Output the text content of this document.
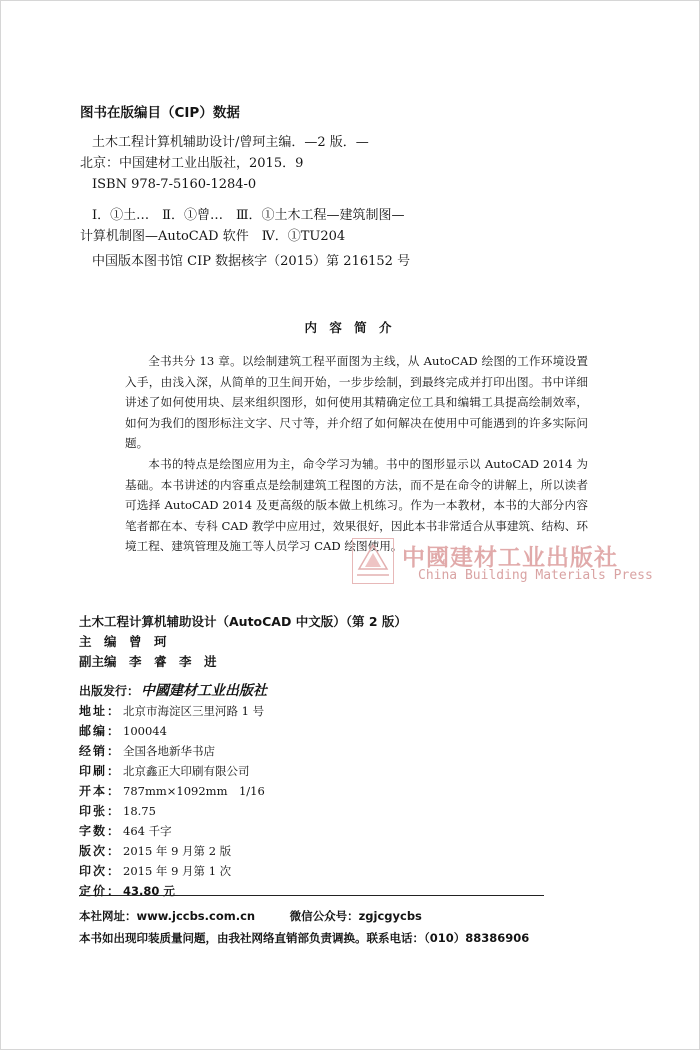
图书在版编目（CIP）数据
土木工程计算机辅助设计/曾珂主编．—2 版．—
北京：中国建材工业出版社，2015．9
ISBN 978-7-5160-1284-0
Ⅰ．①土…　Ⅱ．①曾…　Ⅲ．①土木工程—建筑制图—
计算机制图—AutoCAD 软件　Ⅳ．①TU204
中国版本图书馆 CIP 数据核字（2015）第 216152 号
内 容 简 介

全书共分 13 章。以绘制建筑工程平面图为主线，从 AutoCAD 绘图的工作环境设置入手，由浅入深，从简单的卫生间开始，一步步绘制，到最终完成并打印出图。书中详细讲述了如何使用块、层来组织图形，如何使用其精确定位工具和编辑工具提高绘制效率，如何为我们的图形标注文字、尺寸等，并介绍了如何解决在使用中可能遇到的许多实际问题。

本书的特点是绘图应用为主，命令学习为辅。书中的图形显示以 AutoCAD 2014 为基础。本书讲述的内容重点是绘制建筑工程图的方法，而不是在命令的讲解上，所以读者可选择 AutoCAD 2014 及更高级的版本做上机练习。作为一本教材，本书的大部分内容笔者都在本、专科 CAD 教学中应用过，效果很好，因此本书非常适合从事建筑、结构、环境工程、建筑管理及施工等人员学习 CAD 绘图使用。 中國建材工业出版社
China Building Materials Press
土木工程计算机辅助设计（AutoCAD 中文版）（第 2 版）
主　编　曾　珂
副主编　李　睿　李　进
出版发行： 中國建材工业出版社
地址： 北京市海淀区三里河路 1 号
邮编： 100044
经销： 全国各地新华书店
印刷： 北京鑫正大印刷有限公司
开本： 787mm×1092mm　1/16
印张： 18.75
字数： 464 千字
版次： 2015 年 9 月第 2 版
印次： 2015 年 9 月第 1 次
定价： 43.80 元
本社网址：www.jccbs.com.cn　　　微信公众号：zgjcgycbs
本书如出现印装质量问题，由我社网络直销部负责调换。联系电话：（010）88386906
